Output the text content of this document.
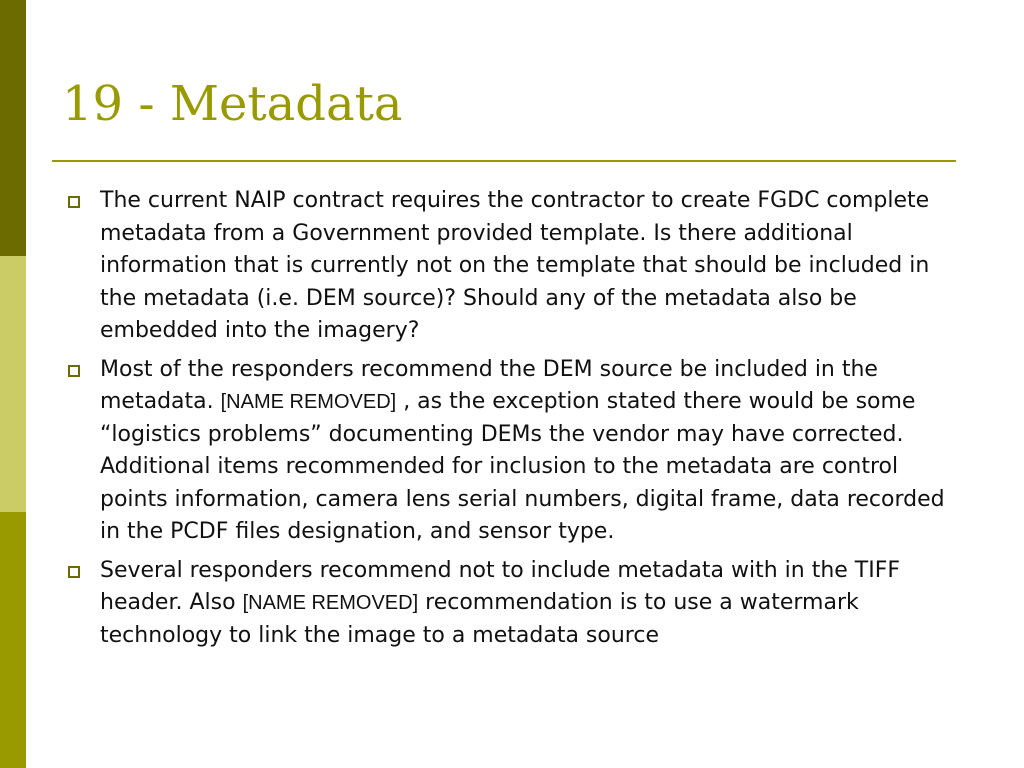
19 - Metadata
The current NAIP contract requires the contractor to create FGDC complete metadata from a Government provided template. Is there additional information that is currently not on the template that should be included in the metadata (i.e. DEM source)? Should any of the metadata also be embedded into the imagery?
Most of the responders recommend the DEM source be included in the metadata. [NAME REMOVED] , as the exception stated there would be some “logistics problems” documenting DEMs the vendor may have corrected. Additional items recommended for inclusion to the metadata are control points information, camera lens serial numbers, digital frame, data recorded in the PCDF files designation, and sensor type.
Several responders recommend not to include metadata with in the TIFF header. Also [NAME REMOVED] recommendation is to use a watermark technology to link the image to a metadata source
